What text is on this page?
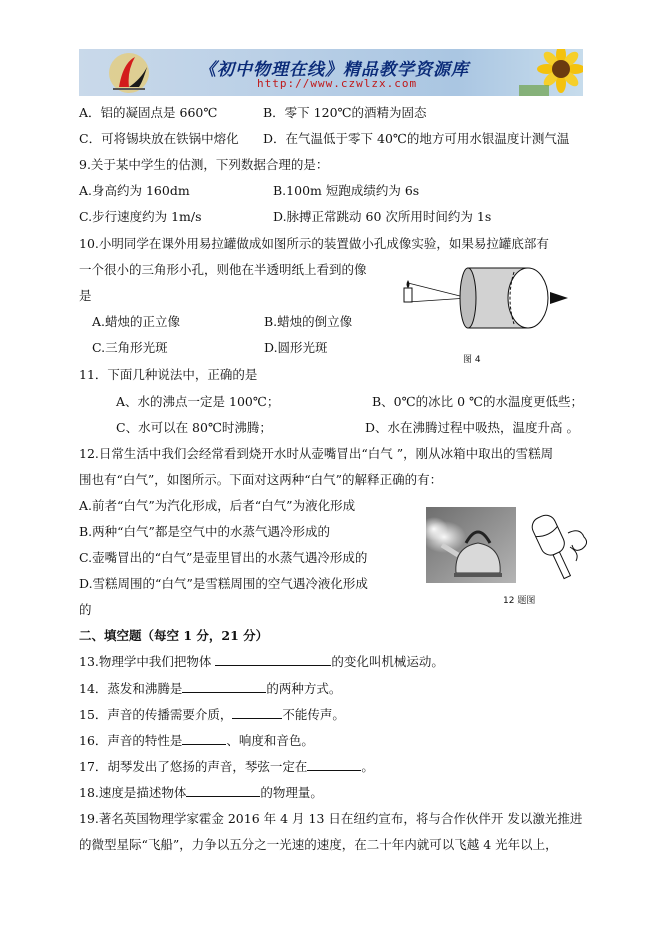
《初中物理在线》精品教学资源库
http://www.czwlzx.com
A．铝的凝固点是 660℃	B．零下 120℃的酒精为固态
C．可将锡块放在铁锅中熔化 D．在气温低于零下 40℃的地方可用水银温度计测气温
9.关于某中学生的估测，下列数据合理的是：
A.身高约为 160dm	B.100m 短跑成绩约为 6s
C.步行速度约为 1m/s	D.脉搏正常跳动 60 次所用时间约为 1s
10.小明同学在课外用易拉罐做成如图所示的装置做小孔成像实验，如果易拉罐底部有
一个很小的三角形小孔，则他在半透明纸上看到的像
是
A.蜡烛的正立像	B.蜡烛的倒立像
C.三角形光斑	D.圆形光斑
图 4
11．下面几种说法中，正确的是
A、水的沸点一定是 100℃；	B、0℃的冰比 0 ℃的水温度更低些；
C、水可以在 80℃时沸腾；	D、水在沸腾过程中吸热，温度升高 。
12.日常生活中我们会经常看到烧开水时从壶嘴冒出“白气 ”，刚从冰箱中取出的雪糕周
围也有“白气”，如图所示。下面对这两种“白气”的解释正确的有：
A.前者“白气”为汽化形成，后者“白气”为液化形成
B.两种“白气”都是空气中的水蒸气遇冷形成的
C.壶嘴冒出的“白气”是壶里冒出的水蒸气遇冷形成的
D.雪糕周围的“白气”是雪糕周围的空气遇冷液化形成
的
12 题图
二、填空题（每空 1 分，21 分）
13.物理学中我们把物体	的变化叫机械运动。
14．蒸发和沸腾是	的两种方式。
15．声音的传播需要介质，	不能传声。
16．声音的特性是	、响度和音色。
17．胡琴发出了悠扬的声音，琴弦一定在	。
18.速度是描述物体	的物理量。
19.著名英国物理学家霍金 2016 年 4 月 13 日在纽约宣布，将与合作伙伴开 发以激光推进
的微型星际“飞船”，力争以五分之一光速的速度，在二十年内就可以飞越 4 光年以上，
